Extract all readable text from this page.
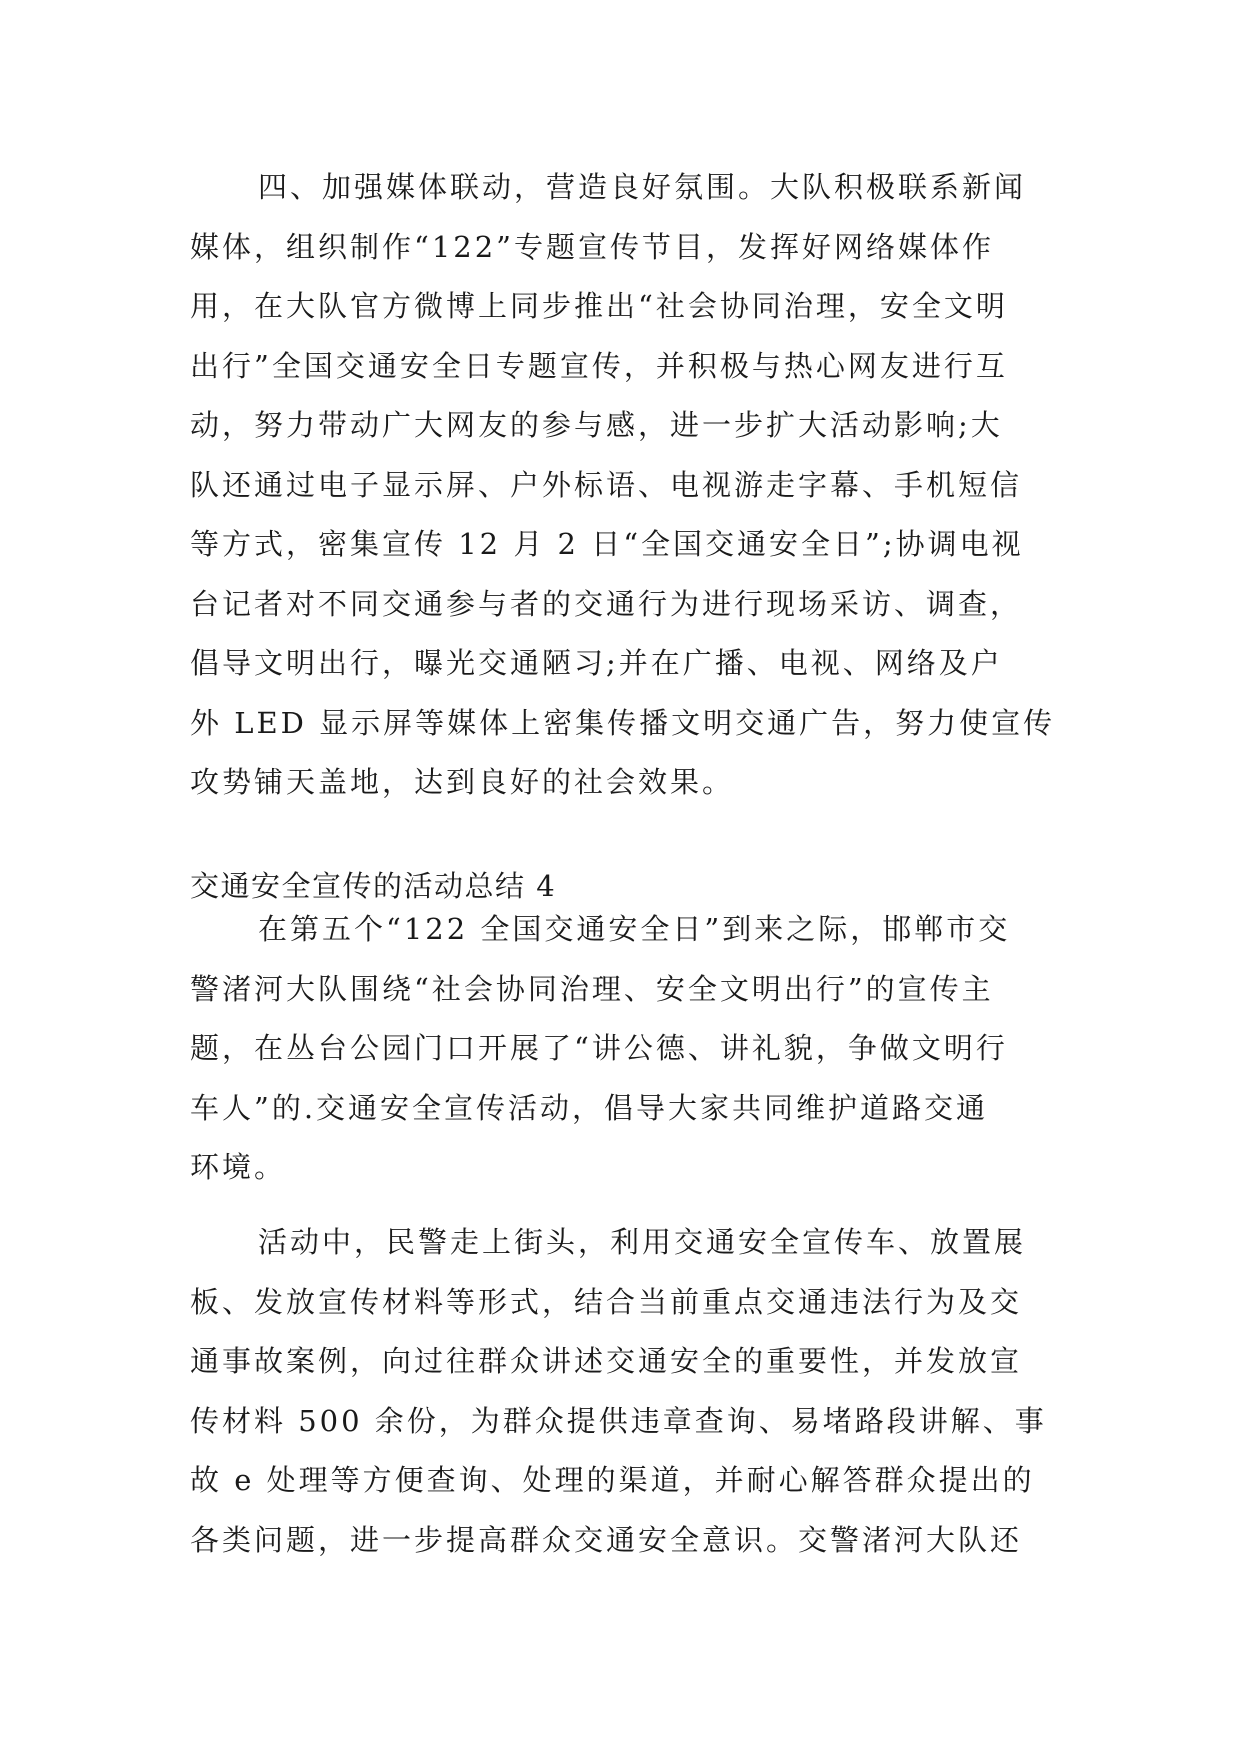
四、加强媒体联动，营造良好氛围。大队积极联系新闻
媒体，组织制作“122”专题宣传节目，发挥好网络媒体作
用，在大队官方微博上同步推出“社会协同治理，安全文明
出行”全国交通安全日专题宣传，并积极与热心网友进行互
动，努力带动广大网友的参与感，进一步扩大活动影响;大
队还通过电子显示屏、户外标语、电视游走字幕、手机短信
等方式，密集宣传 12 月 2 日“全国交通安全日”;协调电视
台记者对不同交通参与者的交通行为进行现场采访、调查，
倡导文明出行，曝光交通陋习;并在广播、电视、网络及户
外 LED 显示屏等媒体上密集传播文明交通广告，努力使宣传
攻势铺天盖地，达到良好的社会效果。
交通安全宣传的活动总结 4
在第五个“122 全国交通安全日”到来之际，邯郸市交
警渚河大队围绕“社会协同治理、安全文明出行”的宣传主
题，在丛台公园门口开展了“讲公德、讲礼貌，争做文明行
车人”的.交通安全宣传活动，倡导大家共同维护道路交通
环境。
活动中，民警走上街头，利用交通安全宣传车、放置展
板、发放宣传材料等形式，结合当前重点交通违法行为及交
通事故案例，向过往群众讲述交通安全的重要性，并发放宣
传材料 500 余份，为群众提供违章查询、易堵路段讲解、事
故 e 处理等方便查询、处理的渠道，并耐心解答群众提出的
各类问题，进一步提高群众交通安全意识。交警渚河大队还
